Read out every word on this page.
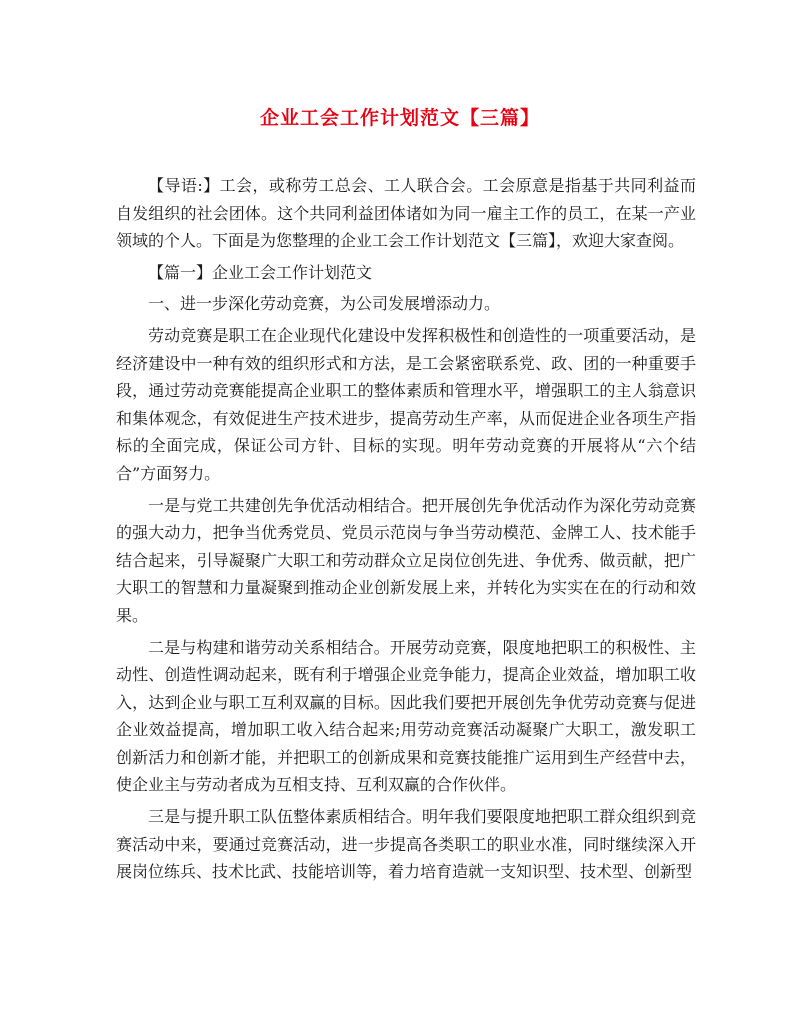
企业工会工作计划范文【三篇】

【导语:】工会，或称劳工总会、工人联合会。工会原意是指基于共同利益而自发组织的社会团体。这个共同利益团体诸如为同一雇主工作的员工，在某一产业领域的个人。下面是为您整理的企业工会工作计划范文【三篇】，欢迎大家查阅。

【篇一】企业工会工作计划范文

一、进一步深化劳动竞赛，为公司发展增添动力。

劳动竞赛是职工在企业现代化建设中发挥积极性和创造性的一项重要活动，是经济建设中一种有效的组织形式和方法，是工会紧密联系党、政、团的一种重要手段，通过劳动竞赛能提高企业职工的整体素质和管理水平，增强职工的主人翁意识和集体观念，有效促进生产技术进步，提高劳动生产率，从而促进企业各项生产指标的全面完成，保证公司方针、目标的实现。明年劳动竞赛的开展将从“六个结合”方面努力。

一是与党工共建创先争优活动相结合。把开展创先争优活动作为深化劳动竞赛的强大动力，把争当优秀党员、党员示范岗与争当劳动模范、金牌工人、技术能手结合起来，引导凝聚广大职工和劳动群众立足岗位创先进、争优秀、做贡献，把广大职工的智慧和力量凝聚到推动企业创新发展上来，并转化为实实在在的行动和效果。

二是与构建和谐劳动关系相结合。开展劳动竞赛，限度地把职工的积极性、主动性、创造性调动起来，既有利于增强企业竞争能力，提高企业效益，增加职工收入，达到企业与职工互利双赢的目标。因此我们要把开展创先争优劳动竞赛与促进企业效益提高，增加职工收入结合起来;用劳动竞赛活动凝聚广大职工，激发职工创新活力和创新才能，并把职工的创新成果和竞赛技能推广运用到生产经营中去，使企业主与劳动者成为互相支持、互利双赢的合作伙伴。

三是与提升职工队伍整体素质相结合。明年我们要限度地把职工群众组织到竞赛活动中来，要通过竞赛活动，进一步提高各类职工的职业水准，同时继续深入开展岗位练兵、技术比武、技能培训等，着力培育造就一支知识型、技术型、创新型
